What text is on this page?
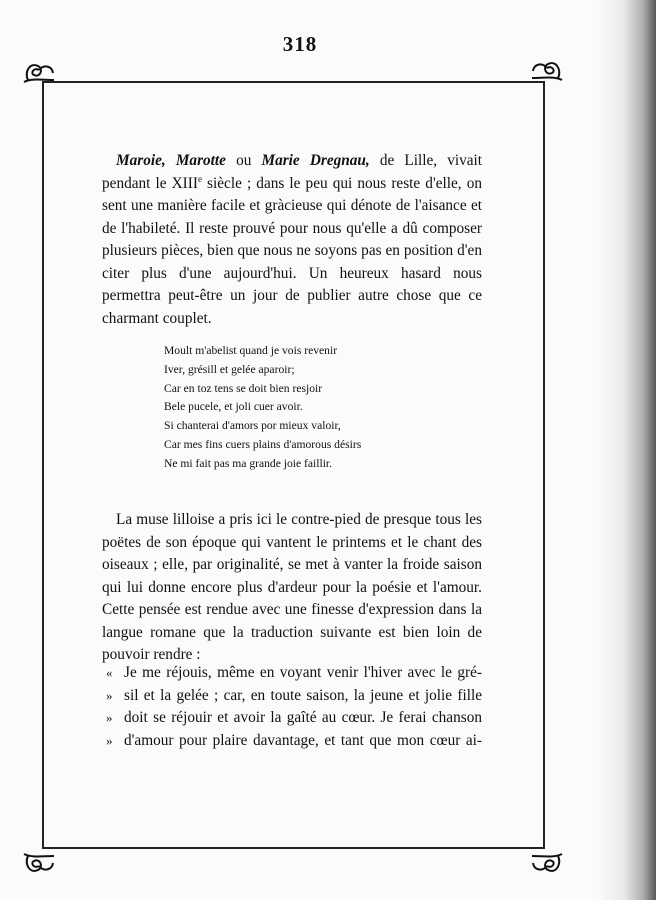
318

Maroie, Marotte ou Marie Dregnau, de Lille, vivait pendant le XIIIe siècle ; dans le peu qui nous reste d'elle, on sent une manière facile et gràcieuse qui dénote de l'aisance et de l'habileté. Il reste prouvé pour nous qu'elle a dû composer plusieurs pièces, bien que nous ne soyons pas en position d'en citer plus d'une aujourd'hui. Un heureux hasard nous permettra peut-être un jour de publier autre chose que ce charmant couplet.

Moult m'abelist quand je vois revenir
Iver, grésill et gelée aparoir;
Car en toz tens se doit bien resjoir
Bele pucele, et joli cuer avoir.
Si chanterai d'amors por mieux valoir,
Car mes fins cuers plains d'amorous désirs
Ne mi fait pas ma grande joie faillir.

La muse lilloise a pris ici le contre-pied de presque tous les poëtes de son époque qui vantent le printems et le chant des oiseaux ; elle, par originalité, se met à vanter la froide saison qui lui donne encore plus d'ardeur pour la poésie et l'amour. Cette pensée est rendue avec une finesse d'expression dans la langue romane que la traduction suivante est bien loin de pouvoir rendre :

« Je me réjouis, même en voyant venir l'hiver avec le gré-
» sil et la gelée ; car, en toute saison, la jeune et jolie fille
» doit se réjouir et avoir la gaîté au cœur. Je ferai chanson
» d'amour pour plaire davantage, et tant que mon cœur ai-
